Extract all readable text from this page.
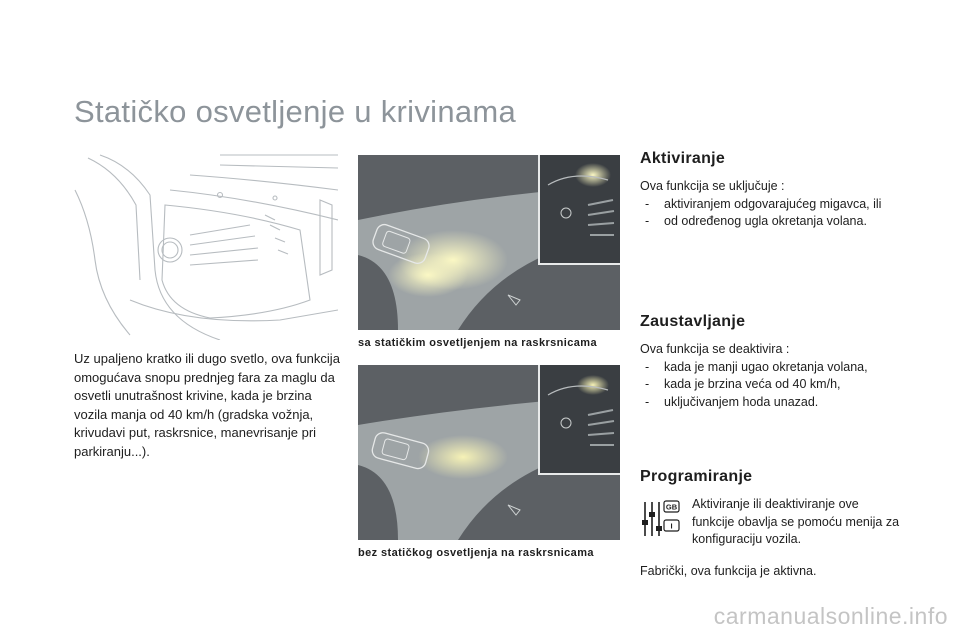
Statičko osvetljenje u krivinama

Uz upaljeno kratko ili dugo svetlo, ova funkcija omogućava snopu prednjeg fara za maglu da osvetli unutrašnost krivine, kada je brzina vozila manja od 40 km/h (gradska vožnja, krivudavi put, raskrsnice, manevrisanje pri parkiranju...).

sa statičkim osvetljenjem na raskrsnicama
bez statičkog osvetljenja na raskrsnicama
Aktiviranje

Ova funkcija se uključuje :

- aktiviranjem odgovarajućeg migavca, ili
- od određenog ugla okretanja volana.
Zaustavljanje

Ova funkcija se deaktivira :

- kada je manji ugao okretanja volana,
- kada je brzina veća od 40 km/h,
- uključivanjem hoda unazad.
Programiranje
GB
I
Aktiviranje ili deaktiviranje ove funkcije obavlja se pomoću menija za konfiguraciju vozila.
Fabrički, ova funkcija je aktivna.
carmanualsonline.info
